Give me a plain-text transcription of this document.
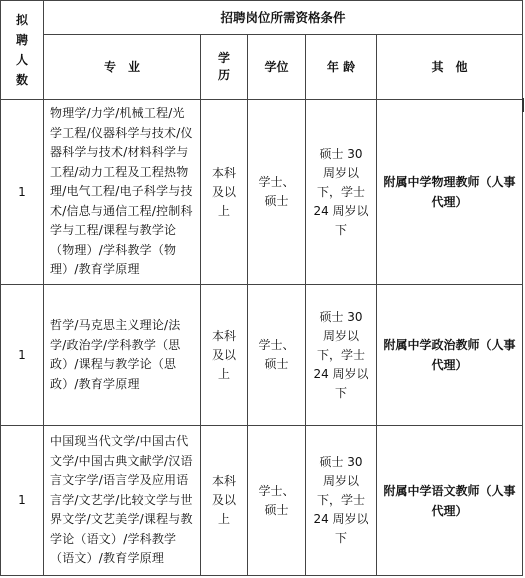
拟聘人数	招聘岗位所需资格条件				
	专　业	学历	学位	年 龄	其　他
1	物理学/力学/机械工程/光学工程/仪器科学与技术/仪器科学与技术/材料科学与工程/动力工程及工程热物理/电气工程/电子科学与技术/信息与通信工程/控制科学与工程/课程与教学论（物理）/学科教学（物理）/教育学原理	本科及以上	学士、硕士	硕士 30 周岁以下，学士 24 周岁以下	附属中学物理教师（人事代理）
1	哲学/马克思主义理论/法学/政治学/学科教学（思政）/课程与教学论（思政）/教育学原理	本科及以上	学士、硕士	硕士 30 周岁以下，学士 24 周岁以下	附属中学政治教师（人事代理）
1	中国现当代文学/中国古代文学/中国古典文献学/汉语言文字学/语言学及应用语言学/文艺学/比较文学与世界文学/文艺美学/课程与教学论（语文）/学科教学（语文）/教育学原理	本科及以上	学士、硕士	硕士 30 周岁以下，学士 24 周岁以下	附属中学语文教师（人事代理）
